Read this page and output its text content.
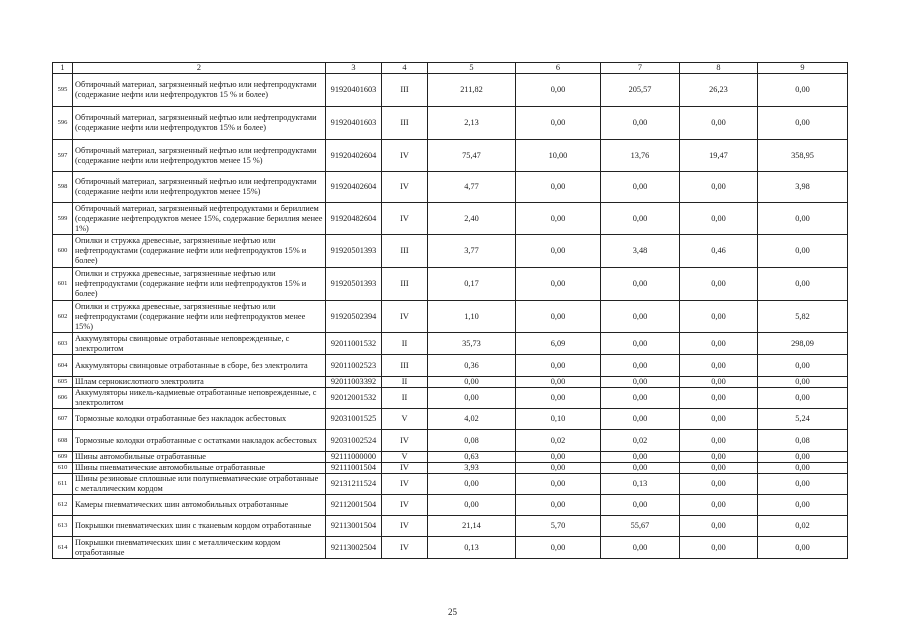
1	2	3	4	5	6	7	8	9
595	Обтирочный материал, загрязненный нефтью или нефтепродуктами (содержание нефти или нефтепродуктов 15 % и более)	91920401603	III	211,82	0,00	205,57	26,23	0,00
596	Обтирочный материал, загрязненный нефтью или нефтепродуктами (содержание нефти или нефтепродуктов 15% и более)	91920401603	III	2,13	0,00	0,00	0,00	0,00
597	Обтирочный материал, загрязненный нефтью или нефтепродуктами (содержание нефти или нефтепродуктов менее 15 %)	91920402604	IV	75,47	10,00	13,76	19,47	358,95
598	Обтирочный материал, загрязненный нефтью или нефтепродуктами (содержание нефти или нефтепродуктов менее 15%)	91920402604	IV	4,77	0,00	0,00	0,00	3,98
599	Обтирочный материал, загрязненный нефтепродуктами и бериллием (содержание нефтепродуктов менее 15%, содержание бериллия менее 1%)	91920482604	IV	2,40	0,00	0,00	0,00	0,00
600	Опилки и стружка древесные, загрязненные нефтью или нефтепродуктами (содержание нефти или нефтепродуктов 15% и более)	91920501393	III	3,77	0,00	3,48	0,46	0,00
601	Опилки и стружка древесные, загрязненные нефтью или нефтепродуктами (содержание нефти или нефтепродуктов 15% и более)	91920501393	III	0,17	0,00	0,00	0,00	0,00
602	Опилки и стружка древесные, загрязненные нефтью или нефтепродуктами (содержание нефти или нефтепродуктов менее 15%)	91920502394	IV	1,10	0,00	0,00	0,00	5,82
603	Аккумуляторы свинцовые отработанные неповрежденные, с электролитом	92011001532	II	35,73	6,09	0,00	0,00	298,09
604	Аккумуляторы свинцовые отработанные в сборе, без электролита	92011002523	III	0,36	0,00	0,00	0,00	0,00
605	Шлам сернокислотного электролита	92011003392	II	0,00	0,00	0,00	0,00	0,00
606	Аккумуляторы никель-кадмиевые отработанные неповрежденные, с электролитом	92012001532	II	0,00	0,00	0,00	0,00	0,00
607	Тормозные колодки отработанные без накладок асбестовых	92031001525	V	4,02	0,10	0,00	0,00	5,24
608	Тормозные колодки отработанные с остатками накладок асбестовых	92031002524	IV	0,08	0,02	0,02	0,00	0,08
609	Шины автомобильные отработанные	92111000000	V	0,63	0,00	0,00	0,00	0,00
610	Шины пневматические автомобильные отработанные	92111001504	IV	3,93	0,00	0,00	0,00	0,00
611	Шины резиновые сплошные или полупневматические отработанные с металлическим кордом	92131211524	IV	0,00	0,00	0,13	0,00	0,00
612	Камеры пневматических шин автомобильных отработанные	92112001504	IV	0,00	0,00	0,00	0,00	0,00
613	Покрышки пневматических шин с тканевым кордом отработанные	92113001504	IV	21,14	5,70	55,67	0,00	0,02
614	Покрышки пневматических шин с металлическим кордом отработанные	92113002504	IV	0,13	0,00	0,00	0,00	0,00
25
